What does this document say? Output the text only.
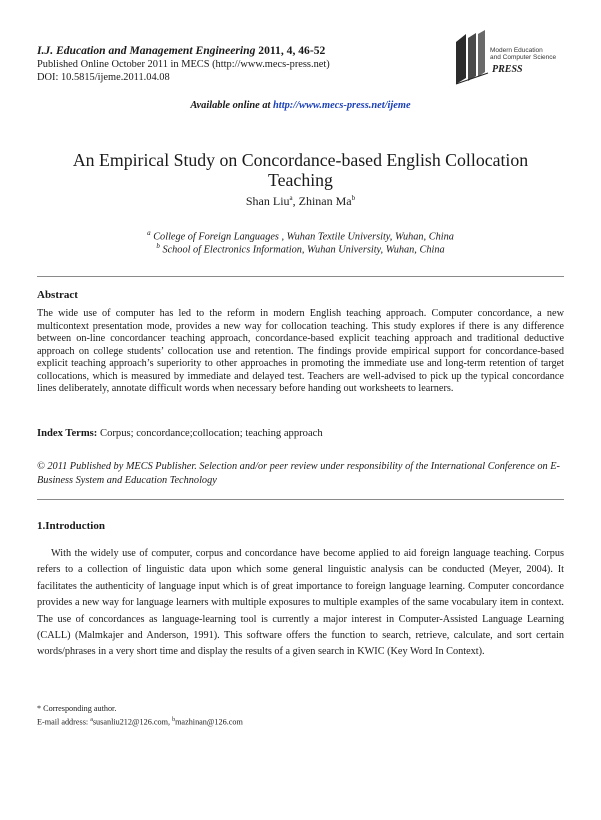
I.J. Education and Management Engineering 2011, 4, 46-52
Published Online October 2011 in MECS (http://www.mecs-press.net)
DOI: 10.5815/ijeme.2011.04.08
Modern Education
and Computer Science
PRESS
Available online at http://www.mecs-press.net/ijeme
An Empirical Study on Concordance-based English Collocation Teaching
Shan Liu$^a$, Zhinan Ma$^b$
$^a$ College of Foreign Languages , Wuhan Textile University, Wuhan, China
$^b$ School of Electronics Information, Wuhan University, Wuhan, China
Abstract
The wide use of computer has led to the reform in modern English teaching approach. Computer concordance, a new multicontext presentation mode, provides a new way for collocation teaching. This study explores if there is any difference between on-line concordancer teaching approach, concordance-based explicit teaching approach and traditional deductive approach on college students’ collocation use and retention. The findings provide empirical support for concordance-based explicit teaching approach’s superiority to other approaches in promoting the immediate use and long-term retention of target collocations, which is measured by immediate and delayed test. Teachers are well-advised to pick up the typical concordance lines deliberately, annotate difficult words when necessary before handing out worksheets to learners.
Index Terms: Corpus; concordance;collocation; teaching approach
© 2011 Published by MECS Publisher. Selection and/or peer review under responsibility of the International Conference on E-Business System and Education Technology
1.Introduction
With the widely use of computer, corpus and concordance have become applied to aid foreign language teaching. Corpus refers to a collection of linguistic data upon which some general linguistic analysis can be conducted (Meyer, 2004). It facilitates the authenticity of language input which is of great importance to foreign language learning. Computer concordance provides a new way for language learners with multiple exposures to multiple examples of the same vocabulary item in context. The use of concordances as language-learning tool is currently a major interest in Computer-Assisted Language Learning (CALL) (Malmkajer and Anderson, 1991). This software offers the function to search, retrieve, calculate, and sort certain words/phrases in a very short time and display the results of a given search in KWIC (Key Word In Context).
* Corresponding author.
E-mail address: $^a$susanliu212@126.com, $^b$mazhinan@126.com
